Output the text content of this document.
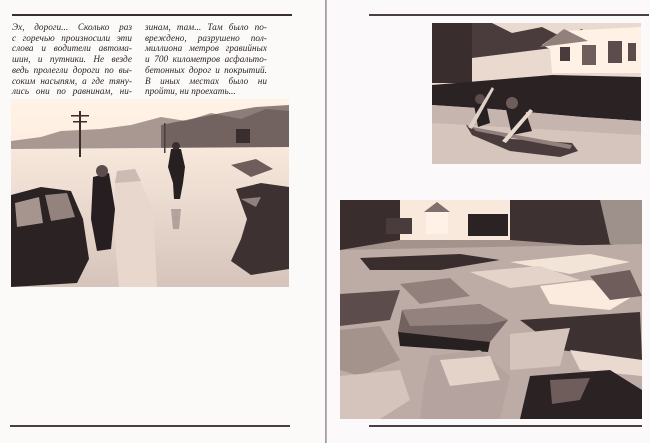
Эх, дороги... Сколько раз
с горечью произносили эти
слова и водители автома-
шин, и путники. Не везде
ведь пролегли дороги по вы-
соким насыпям, а где тяну-
лись они по равнинам, ни-
зинам, там... Там было по-
вреждено, разрушено пол-
миллиона метров гравийных
и 700 километров асфальто-
бетонных дорог и покрытий.
В иных местах было ни
пройти, ни проехать...
